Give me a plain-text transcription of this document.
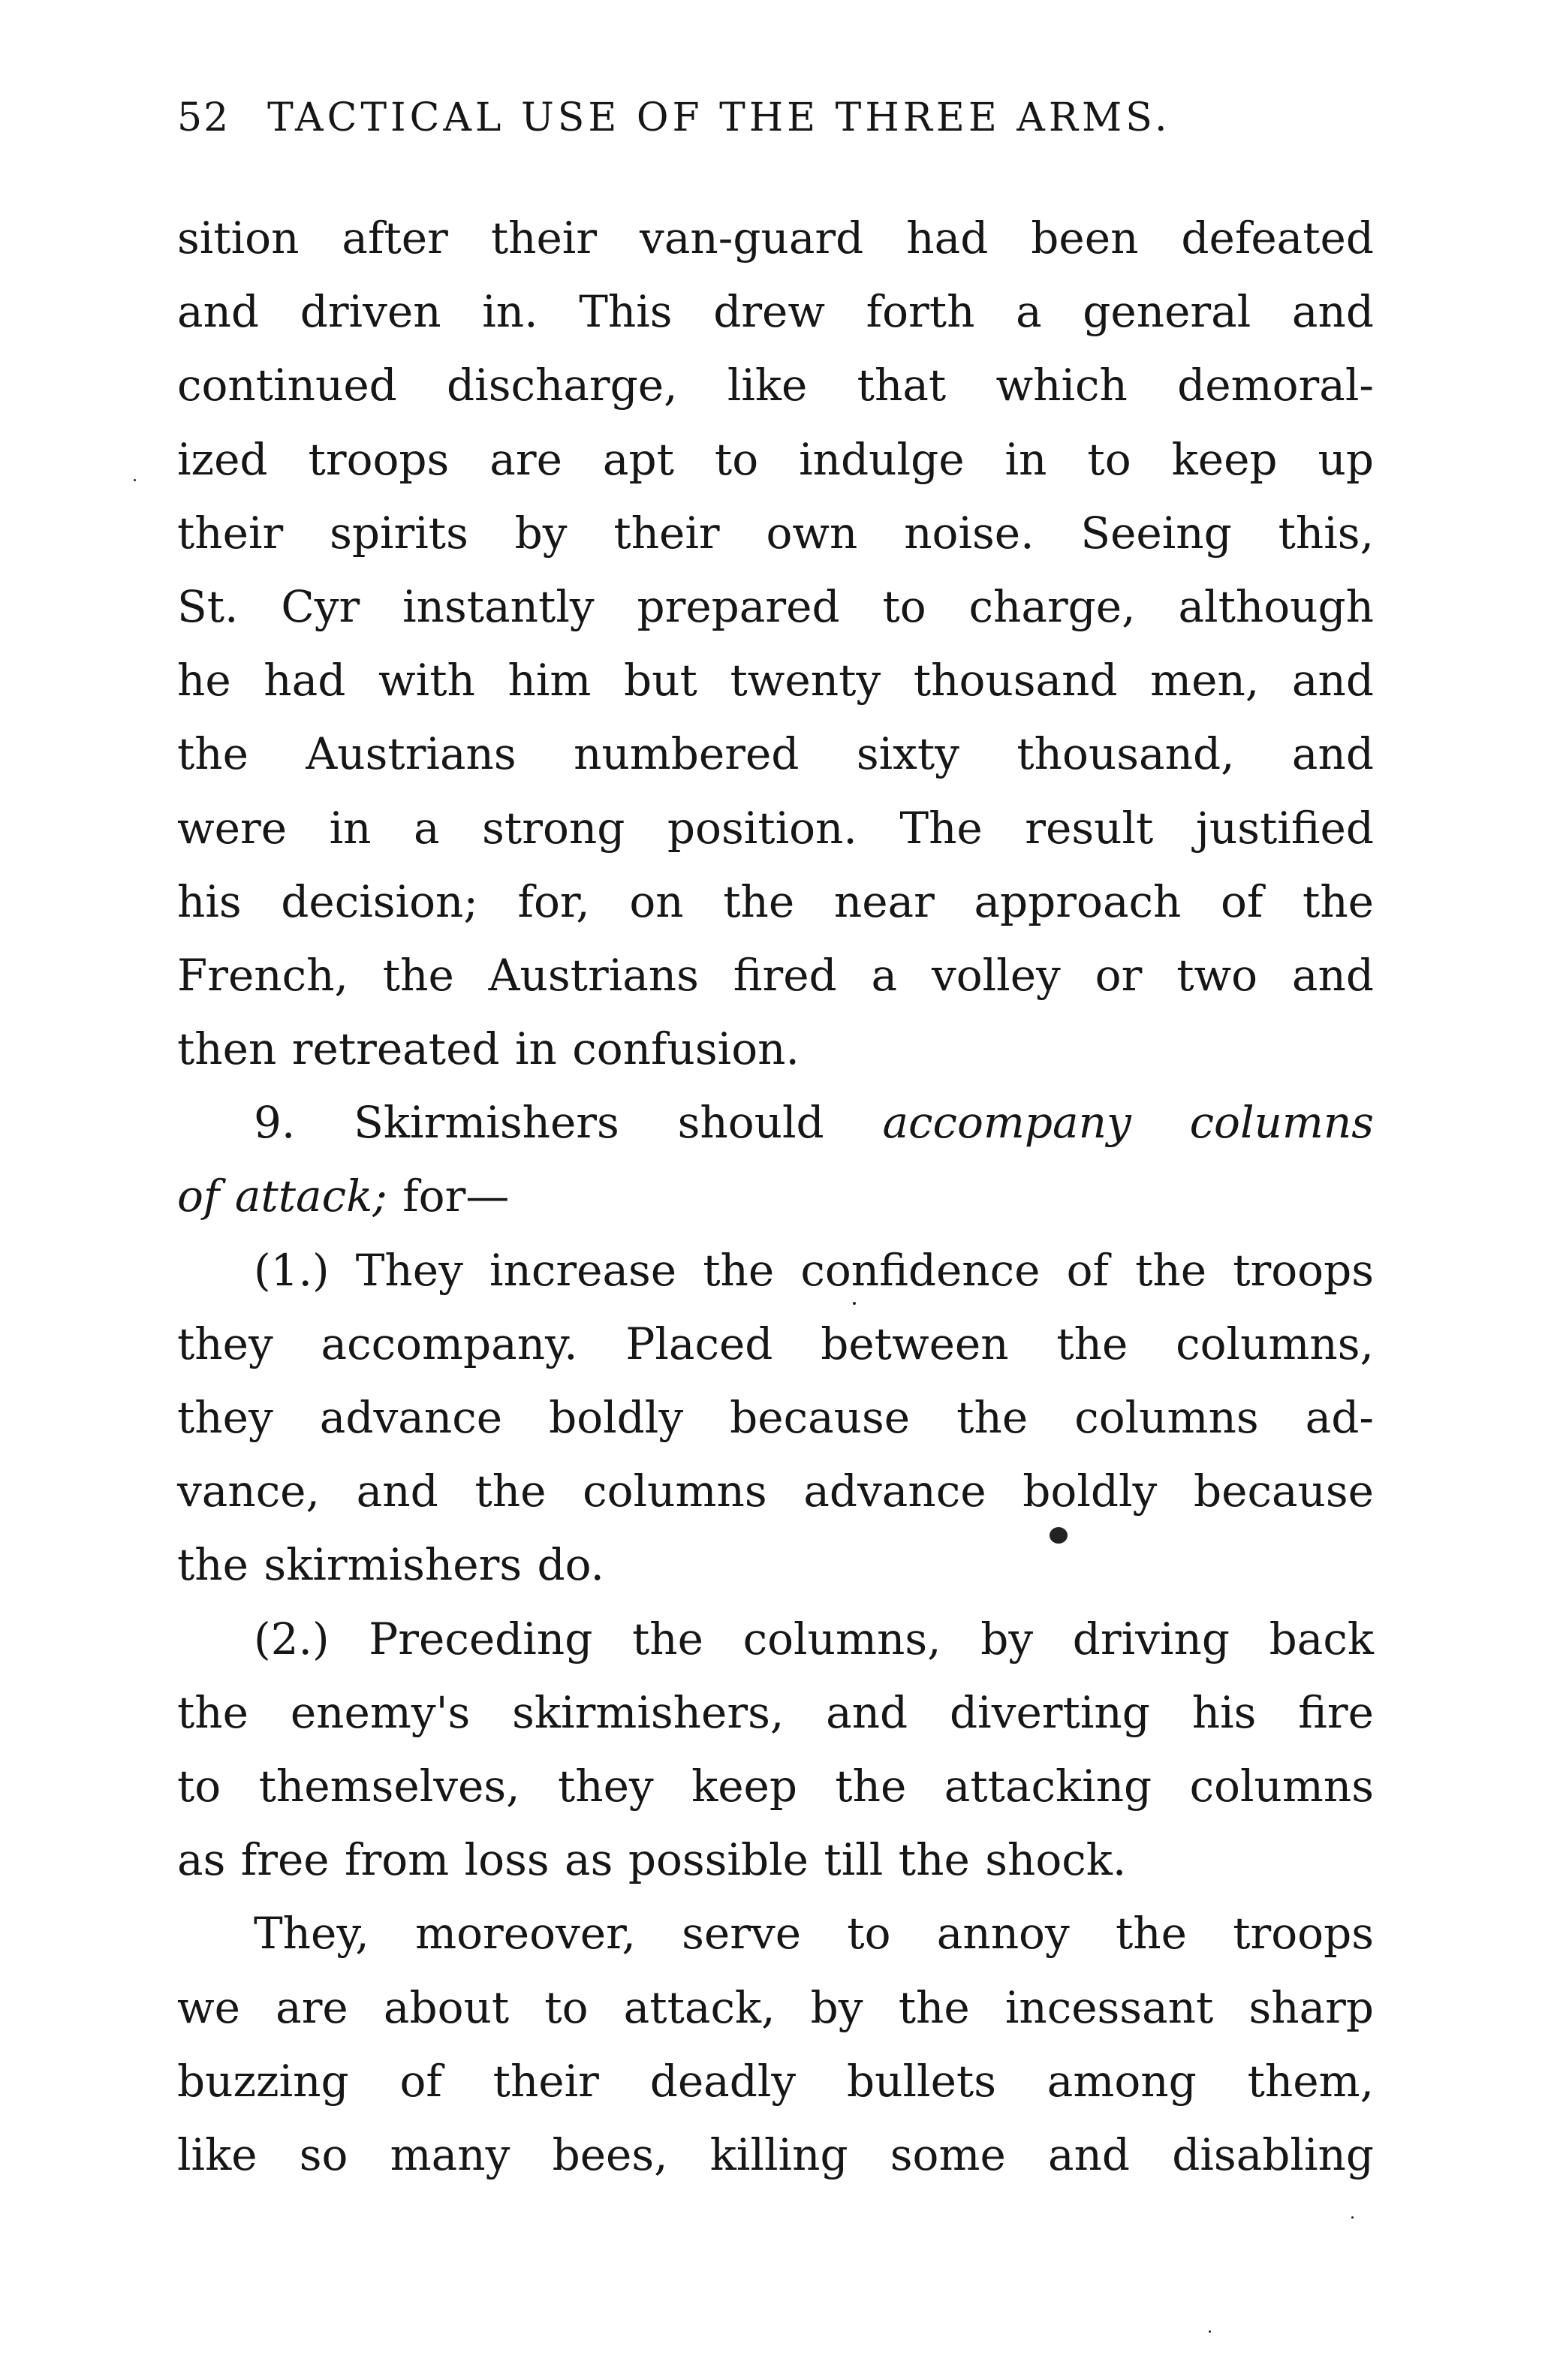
52 TACTICAL USE OF THE THREE ARMS.
sition after their van-guard had been defeated
and driven in. This drew forth a general and
continued discharge, like that which demoral-
ized troops are apt to indulge in to keep up
their spirits by their own noise. Seeing this,
St. Cyr instantly prepared to charge, although
he had with him but twenty thousand men, and
the Austrians numbered sixty thousand, and
were in a strong position. The result justified
his decision; for, on the near approach of the
French, the Austrians fired a volley or two and
then retreated in confusion.
9. Skirmishers should accompany columns
of attack; for—
(1.) They increase the confidence of the troops
they accompany. Placed between the columns,
they advance boldly because the columns ad-
vance, and the columns advance boldly because
the skirmishers do.
(2.) Preceding the columns, by driving back
the enemy's skirmishers, and diverting his fire
to themselves, they keep the attacking columns
as free from loss as possible till the shock.
They, moreover, serve to annoy the troops
we are about to attack, by the incessant sharp
buzzing of their deadly bullets among them,
like so many bees, killing some and disabling
